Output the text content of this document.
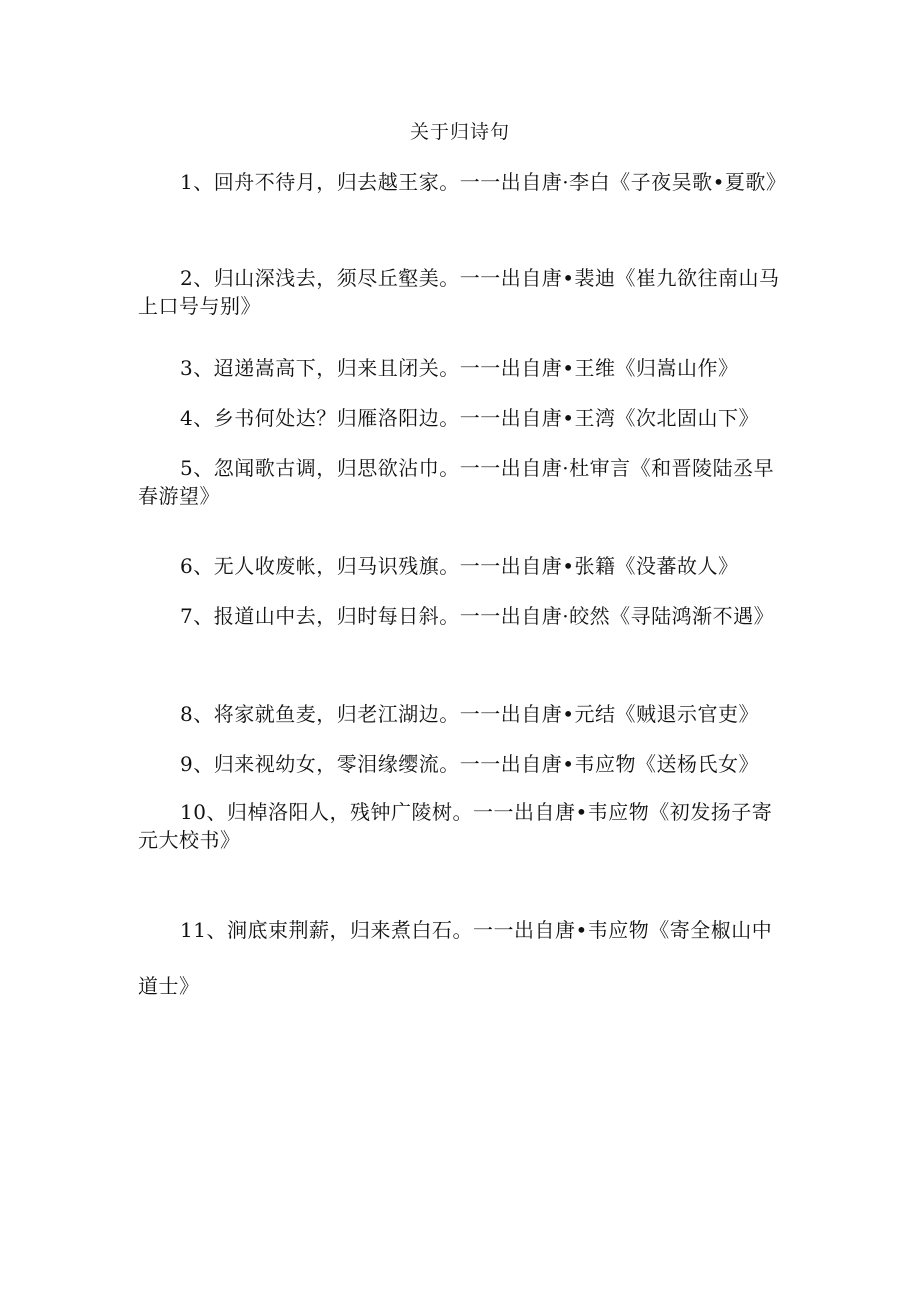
关于归诗句

1、回舟不待月，归去越王家。一一出自唐·李白《子夜吴歌•夏歌》

2、归山深浅去，须尽丘壑美。一一出自唐•裴迪《崔九欲往南山马上口号与别》

3、迢递嵩高下，归来且闭关。一一出自唐•王维《归嵩山作》

4、乡书何处达？归雁洛阳边。一一出自唐•王湾《次北固山下》

5、忽闻歌古调，归思欲沾巾。一一出自唐·杜审言《和晋陵陆丞早春游望》

6、无人收废帐，归马识残旗。一一出自唐•张籍《没蕃故人》

7、报道山中去，归时每日斜。一一出自唐·皎然《寻陆鸿渐不遇》

8、将家就鱼麦，归老江湖边。一一出自唐•元结《贼退示官吏》

9、归来视幼女，零泪缘缨流。一一出自唐•韦应物《送杨氏女》

10、归棹洛阳人，残钟广陵树。一一出自唐•韦应物《初发扬子寄元大校书》

11、涧底束荆薪，归来煮白石。一一出自唐•韦应物《寄全椒山中道士》
